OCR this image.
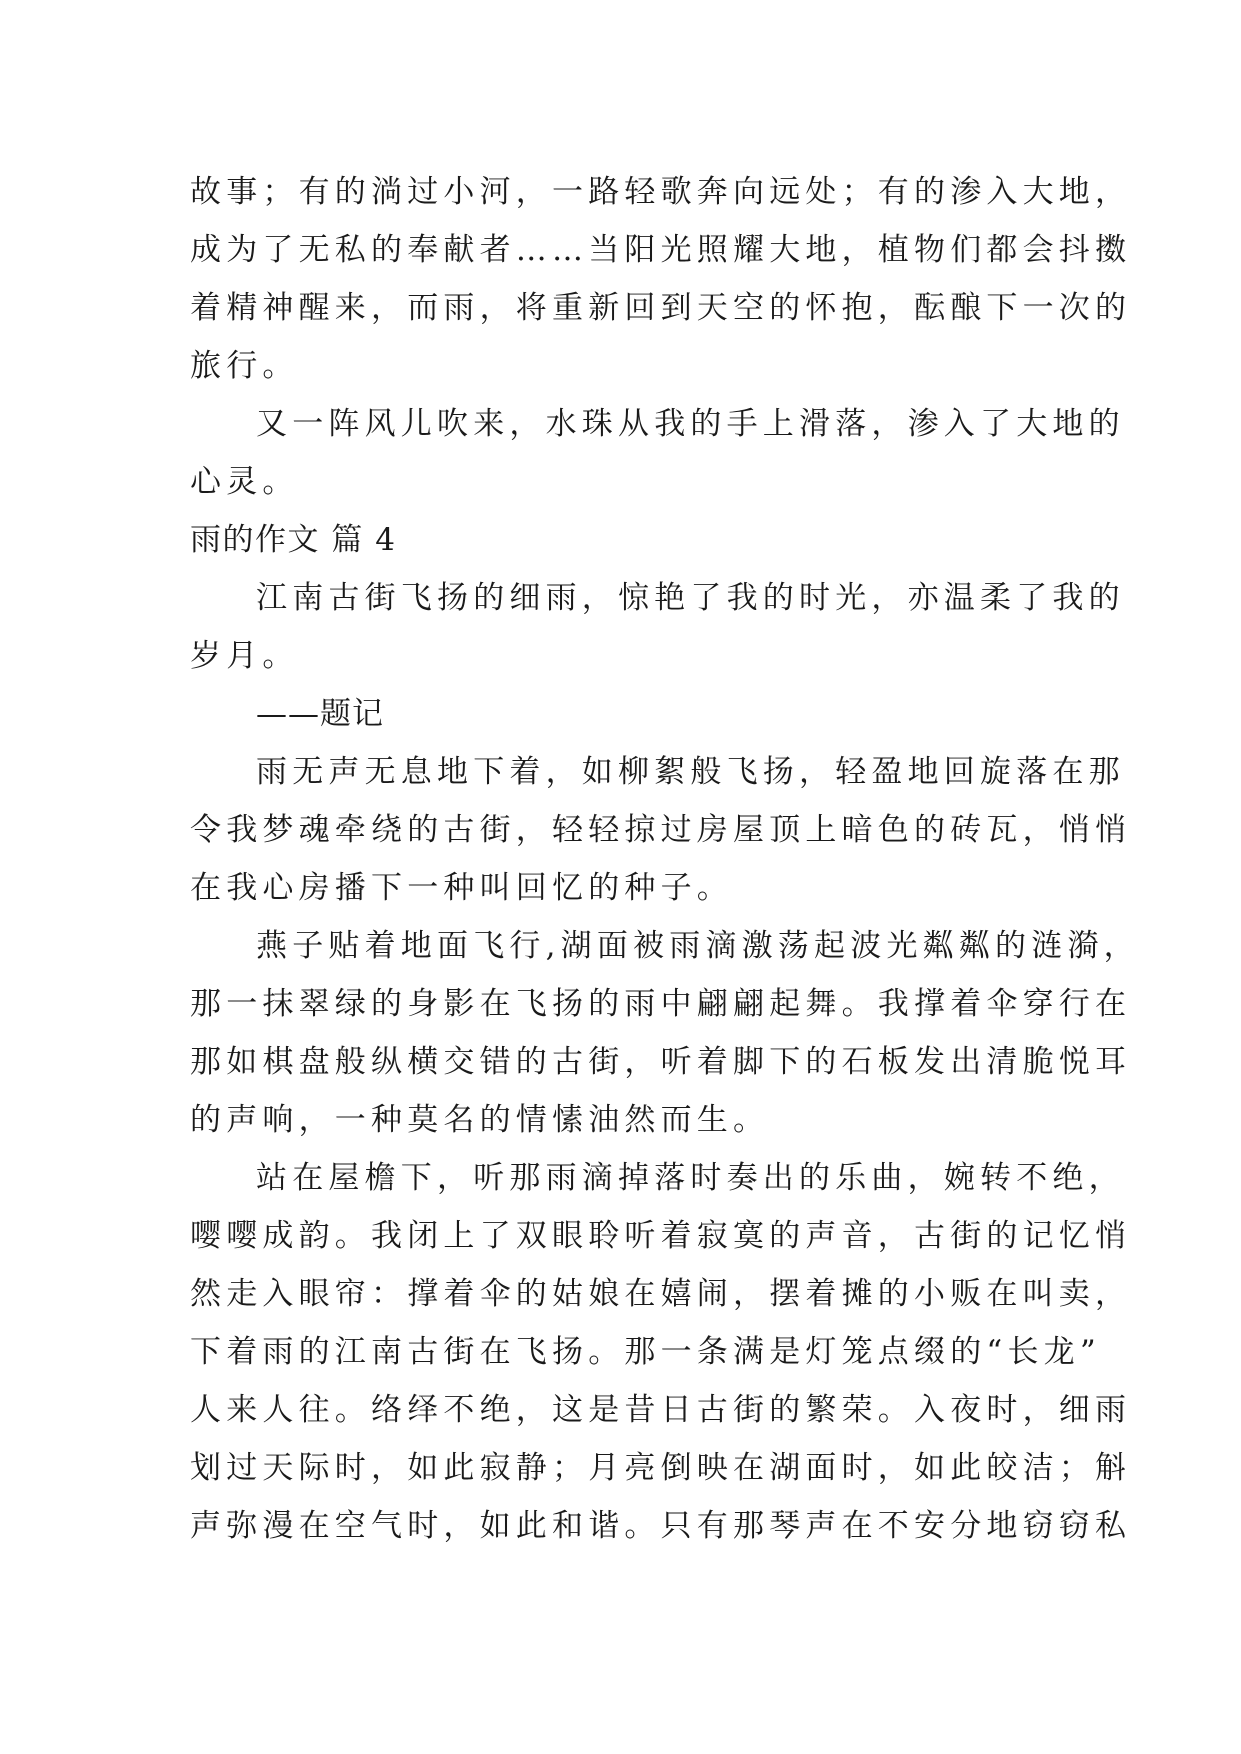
故事；有的淌过小河，一路轻歌奔向远处；有的渗入大地，
成为了无私的奉献者……当阳光照耀大地，植物们都会抖擞
着精神醒来，而雨，将重新回到天空的怀抱，酝酿下一次的
旅行。
又一阵风儿吹来，水珠从我的手上滑落，渗入了大地的
心灵。
雨的作文 篇 4
江南古街飞扬的细雨，惊艳了我的时光，亦温柔了我的
岁月。
——题记
雨无声无息地下着，如柳絮般飞扬，轻盈地回旋落在那
令我梦魂牵绕的古街，轻轻掠过房屋顶上暗色的砖瓦，悄悄
在我心房播下一种叫回忆的种子。
燕子贴着地面飞行,湖面被雨滴激荡起波光粼粼的涟漪，
那一抹翠绿的身影在飞扬的雨中翩翩起舞。我撑着伞穿行在
那如棋盘般纵横交错的古街，听着脚下的石板发出清脆悦耳
的声响，一种莫名的情愫油然而生。
站在屋檐下，听那雨滴掉落时奏出的乐曲，婉转不绝，
嘤嘤成韵。我闭上了双眼聆听着寂寞的声音，古街的记忆悄
然走入眼帘：撑着伞的姑娘在嬉闹，摆着摊的小贩在叫卖，
下着雨的江南古街在飞扬。那一条满是灯笼点缀的“长龙”
人来人往。络绎不绝，这是昔日古街的繁荣。入夜时，细雨
划过天际时，如此寂静；月亮倒映在湖面时，如此皎洁；斛
声弥漫在空气时，如此和谐。只有那琴声在不安分地窃窃私
